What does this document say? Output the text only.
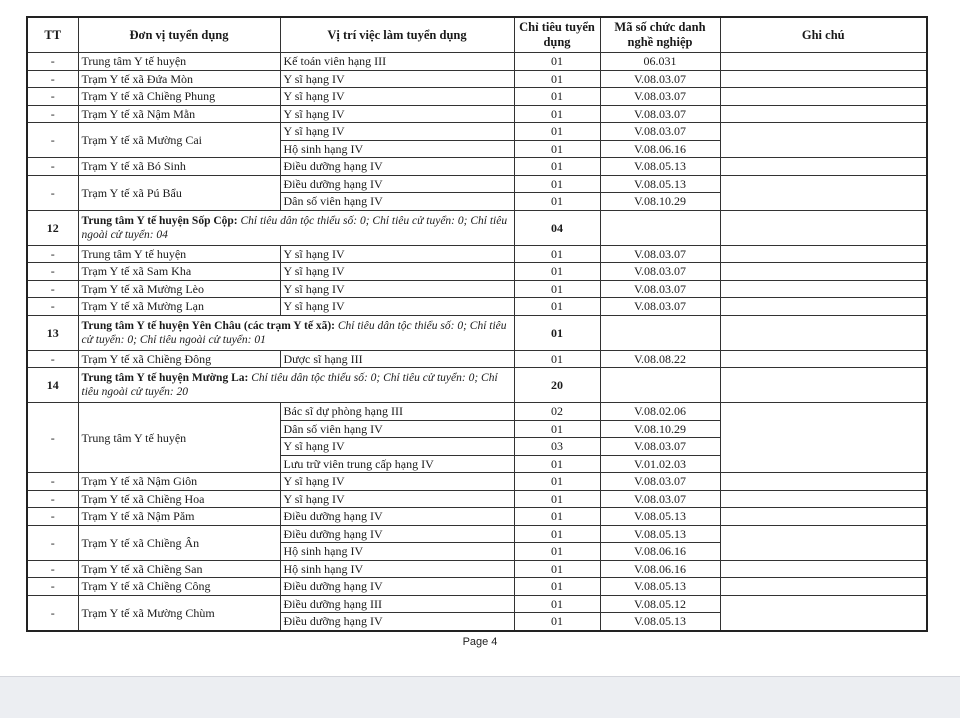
TT	Đơn vị tuyển dụng	Vị trí việc làm tuyển dụng	Chỉ tiêu tuyển dụng	Mã số chức danh nghề nghiệp	Ghi chú
-	Trung tâm Y tế huyện	Kế toán viên hạng III	01	06.031	
-	Trạm Y tế xã Đứa Mòn	Y sĩ hạng IV	01	V.08.03.07	
-	Trạm Y tế xã Chiềng Phung	Y sĩ hạng IV	01	V.08.03.07	
-	Trạm Y tế xã Nậm Mằn	Y sĩ hạng IV	01	V.08.03.07	
-	Trạm Y tế xã Mường Cai	Y sĩ hạng IV	01	V.08.03.07	
		Hộ sinh hạng IV	01	V.08.06.16	
-	Trạm Y tế xã Bó Sinh	Điều dưỡng hạng IV	01	V.08.05.13	
-	Trạm Y tế xã Pú Bẩu	Điều dưỡng hạng IV	01	V.08.05.13	
		Dân số viên hạng IV	01	V.08.10.29	
12	Trung tâm Y tế huyện Sốp Cộp: Chỉ tiêu dân tộc thiểu số: 0; Chỉ tiêu cử tuyển: 0; Chỉ tiêu ngoài cử tuyển: 04		04		
-	Trung tâm Y tế huyện	Y sĩ hạng IV	01	V.08.03.07	
-	Trạm Y tế xã Sam Kha	Y sĩ hạng IV	01	V.08.03.07	
-	Trạm Y tế xã Mường Lèo	Y sĩ hạng IV	01	V.08.03.07	
-	Trạm Y tế xã Mường Lạn	Y sĩ hạng IV	01	V.08.03.07	
13	Trung tâm Y tế huyện Yên Châu (các trạm Y tế xã): Chỉ tiêu dân tộc thiểu số: 0; Chỉ tiêu cử tuyển: 0; Chỉ tiêu ngoài cử tuyển: 01		01		
-	Trạm Y tế xã Chiềng Đông	Dược sĩ hạng III	01	V.08.08.22	
14	Trung tâm Y tế huyện Mường La: Chỉ tiêu dân tộc thiểu số: 0; Chỉ tiêu cử tuyển: 0; Chỉ tiêu ngoài cử tuyển: 20		20		
-	Trung tâm Y tế huyện	Bác sĩ dự phòng hạng III	02	V.08.02.06	
		Dân số viên hạng IV	01	V.08.10.29	
		Y sĩ hạng IV	03	V.08.03.07	
		Lưu trữ viên trung cấp hạng IV	01	V.01.02.03	
-	Trạm Y tế xã Nậm Giôn	Y sĩ hạng IV	01	V.08.03.07	
-	Trạm Y tế xã Chiềng Hoa	Y sĩ hạng IV	01	V.08.03.07	
-	Trạm Y tế xã Nậm Păm	Điều dưỡng hạng IV	01	V.08.05.13	
-	Trạm Y tế xã Chiềng Ân	Điều dưỡng hạng IV	01	V.08.05.13	
		Hộ sinh hạng IV	01	V.08.06.16	
-	Trạm Y tế xã Chiềng San	Hộ sinh hạng IV	01	V.08.06.16	
-	Trạm Y tế xã Chiềng Công	Điều dưỡng hạng IV	01	V.08.05.13	
-	Trạm Y tế xã Mường Chùm	Điều dưỡng hạng III	01	V.08.05.12	
		Điều dưỡng hạng IV	01	V.08.05.13	
Page 4
